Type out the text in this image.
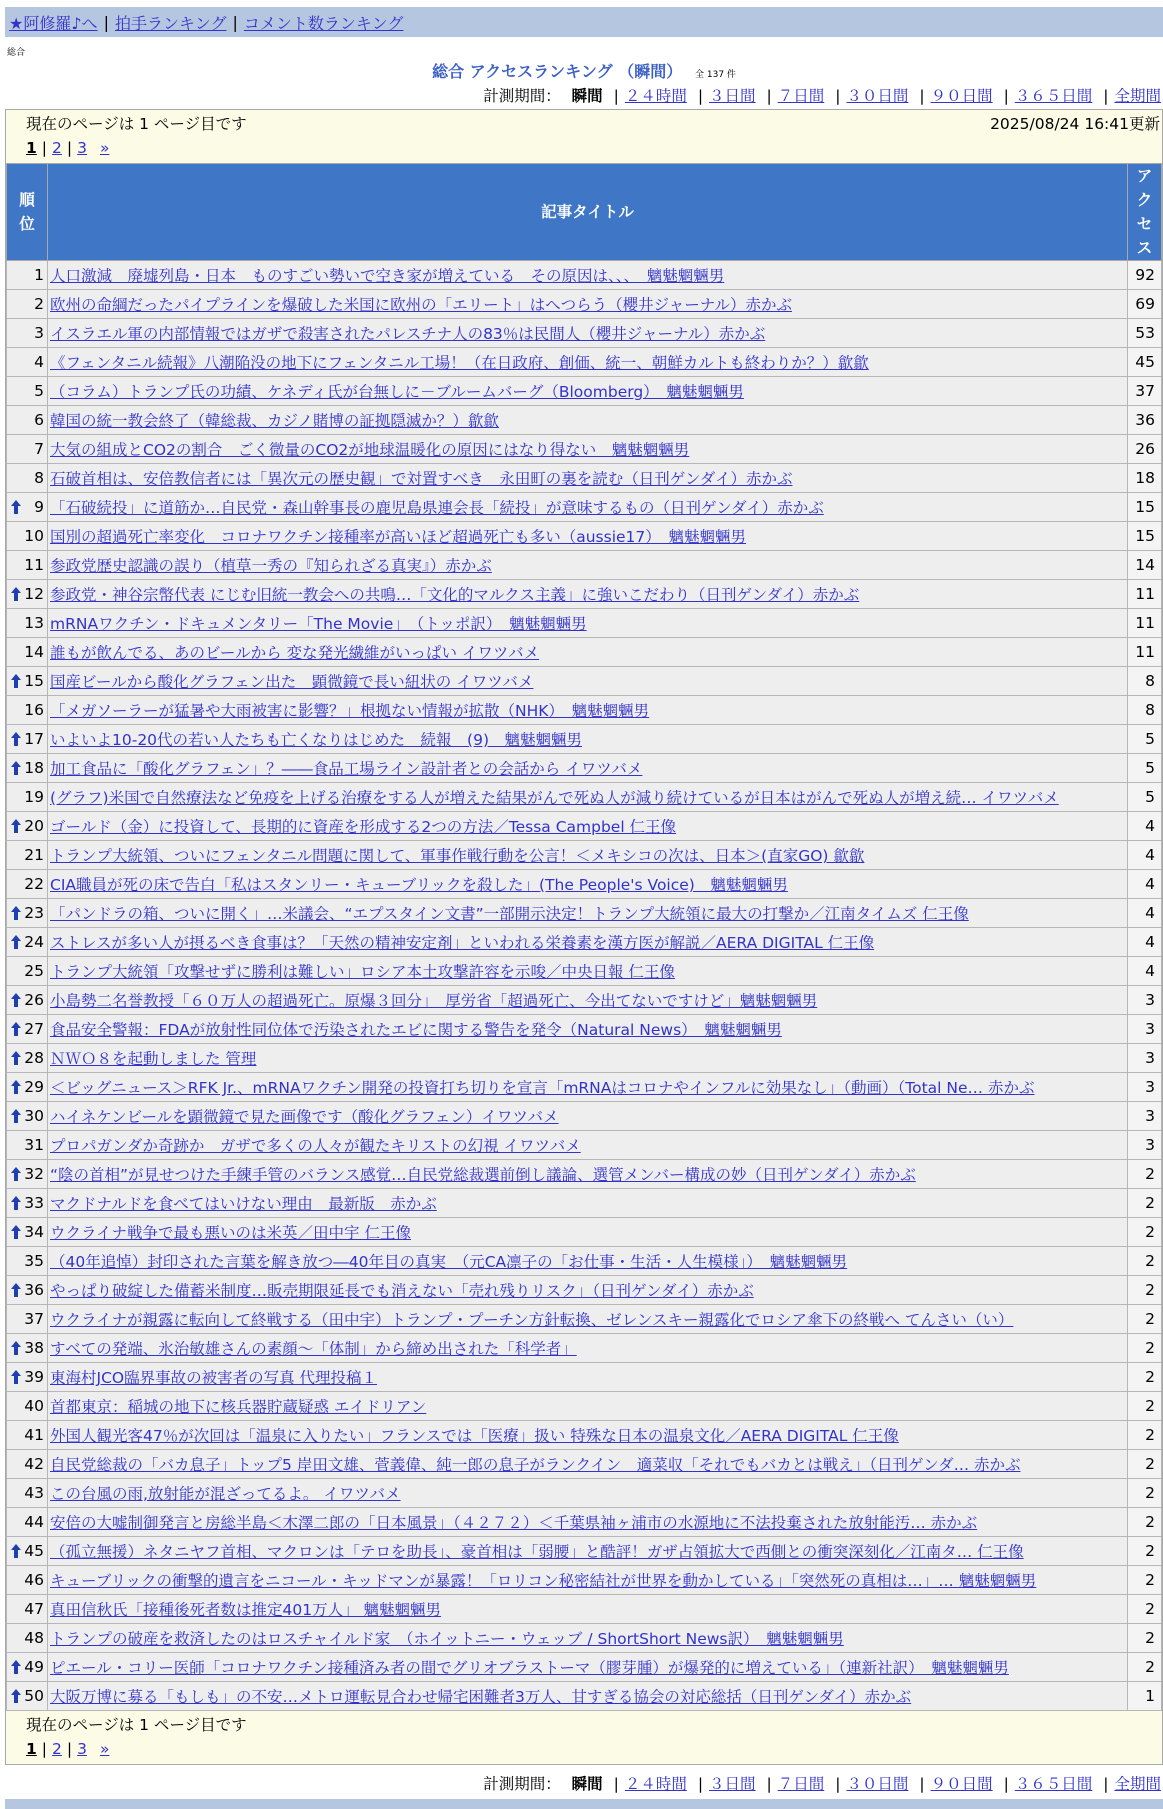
★阿修羅♪へ | 拍手ランキング | コメント数ランキング
総合
総合 アクセスランキング （瞬間） 全 137 件
計測期間： 瞬間 | ２４時間 | ３日間 | ７日間 | ３０日間 | ９０日間 | ３６５日間 | 全期間
現在のページは 1 ページ目です	2025/08/24 16:41更新
1 | 2 | 3 »
順位	記事タイトル	アクセス
1	人口激減　廃墟列島・日本　ものすごい勢いで空き家が増えている　その原因は、、、　魑魅魍魎男	92
2	欧州の命綱だったパイプラインを爆破した米国に欧州の「エリート」はへつらう（櫻井ジャーナル）赤かぶ	69
3	イスラエル軍の内部情報ではガザで殺害されたパレスチナ人の83％は民間人（櫻井ジャーナル）赤かぶ	53
4	《フェンタニル続報》八潮陥没の地下にフェンタニル工場！（在日政府、創価、統一、朝鮮カルトも終わりか？）歙歙	45
5	（コラム）トランプ氏の功績、ケネディ氏が台無しに－ブルームバーグ（Bloomberg）　魑魅魍魎男	37
6	韓国の統一教会終了（韓総裁、カジノ賭博の証拠隠滅か？）歙歙	36
7	大気の組成とCO2の割合　ごく微量のCO2が地球温暖化の原因にはなり得ない　魑魅魍魎男	26
8	石破首相は、安倍教信者には「異次元の歴史観」で対置すべき　永田町の裏を読む（日刊ゲンダイ）赤かぶ	18

9	「石破続投」に道筋か…自民党・森山幹事長の鹿児島県連会長「続投」が意味するもの（日刊ゲンダイ）赤かぶ	15
10	国別の超過死亡率変化　コロナワクチン接種率が高いほど超過死亡も多い（aussie17）　魑魅魍魎男	15
11	参政党歴史認識の誤り（植草一秀の『知られざる真実』）赤かぶ	14

12	参政党・神谷宗幣代表 にじむ旧統一教会への共鳴…「文化的マルクス主義」に強いこだわり（日刊ゲンダイ）赤かぶ	11
13	mRNAワクチン・ドキュメンタリー「The Movie」　（トッポ訳）　魑魅魍魎男	11
14	誰もが飲んでる、あのビールから 変な発光繊維がいっぱい イワツバメ	11

15	国産ビールから酸化グラフェン出た　顕微鏡で長い紐状の イワツバメ	8
16	「メガソーラーが猛暑や大雨被害に影響？」根拠ない情報が拡散（NHK）　魑魅魍魎男	8

17	いよいよ10-20代の若い人たちも亡くなりはじめた　続報　(9)　魑魅魍魎男	5

18	加工食品に「酸化グラフェン」？――食品工場ライン設計者との会話から イワツバメ	5
19	(グラフ)米国で自然療法など免疫を上げる治療をする人が増えた結果がんで死ぬ人が減り続けているが日本はがんで死ぬ人が増え続… イワツバメ	5

20	ゴールド（金）に投資して、長期的に資産を形成する2つの方法／Tessa Campbel 仁王像	4
21	トランプ大統領、ついにフェンタニル問題に関して、軍事作戦行動を公言！＜メキシコの次は、日本＞(直家GO) 歙歙	4
22	CIA職員が死の床で告白「私はスタンリー・キューブリックを殺した」(The People's Voice)　魑魅魍魎男	4

23	「パンドラの箱、ついに開く」…米議会、“エプスタイン文書”一部開示決定！トランプ大統領に最大の打撃か／江南タイムズ 仁王像	4

24	ストレスが多い人が摂るべき食事は？「天然の精神安定剤」といわれる栄養素を漢方医が解説／AERA DIGITAL 仁王像	4
25	トランプ大統領「攻撃せずに勝利は難しい」ロシア本土攻撃許容を示唆／中央日報 仁王像	4

26	小島勢二名誉教授「６０万人の超過死亡。原爆３回分」　厚労省「超過死亡、今出てないですけど」魑魅魍魎男	3

27	食品安全警報：FDAが放射性同位体で汚染されたエビに関する警告を発令（Natural News）　魑魅魍魎男	3

28	ＮＷＯ８を起動しました 管理	3

29	＜ビッグニュース＞RFK Jr.、mRNAワクチン開発の投資打ち切りを宣言「mRNAはコロナやインフルに効果なし」（動画）（Total Ne… 赤かぶ	3

30	ハイネケンビールを顕微鏡で見た画像です（酸化グラフェン）イワツバメ	3
31	プロパガンダか奇跡か　ガザで多くの人々が観たキリストの幻視 イワツバメ	3

32	“陰の首相”が見せつけた手練手管のバランス感覚…自民党総裁選前倒し議論、選管メンバー構成の妙（日刊ゲンダイ）赤かぶ	2

33	マクドナルドを食べてはいけない理由　最新版　赤かぶ	2

34	ウクライナ戦争で最も悪いのは米英／田中宇 仁王像	2
35	（40年追悼）封印された言葉を解き放つ―40年目の真実　（元CA凛子の「お仕事・生活・人生模様」）　魑魅魍魎男	2

36	やっぱり破綻した備蓄米制度…販売期限延長でも消えない「売れ残りリスク」（日刊ゲンダイ）赤かぶ	2
37	ウクライナが親露に転向して終戦する（田中宇）トランプ・プーチン方針転換、ゼレンスキー親露化でロシア傘下の終戦へ てんさい（い）	2

38	すべての発端、氷治敏雄さんの素顔～「体制」から締め出された「科学者」	2

39	東海村JCO臨界事故の被害者の写真 代理投稿１	2
40	首都東京：稲城の地下に核兵器貯蔵疑惑 エイドリアン	2
41	外国人観光客47％が次回は「温泉に入りたい」フランスでは「医療」扱い 特殊な日本の温泉文化／AERA DIGITAL 仁王像	2
42	自民党総裁の「バカ息子」トップ5 岸田文雄、菅義偉、純一郎の息子がランクイン　適菜収「それでもバカとは戦え」（日刊ゲンダ… 赤かぶ	2
43	この台風の雨,放射能が混ざってるよ。 イワツバメ	2
44	安倍の大嘘制御発言と房総半島＜木澤二郎の「日本風景」（４２７２）＜千葉県袖ヶ浦市の水源地に不法投棄された放射能汚… 赤かぶ	2

45	（孤立無援）ネタニヤフ首相、マクロンは「テロを助長」、豪首相は「弱腰」と酷評！ガザ占領拡大で西側との衝突深刻化／江南タ… 仁王像	2
46	キューブリックの衝撃的遺言をニコール・キッドマンが暴露！「ロリコン秘密結社が世界を動かしている」「突然死の真相は…」… 魑魅魍魎男	2
47	真田信秋氏「接種後死者数は推定401万人」 魑魅魍魎男	2
48	トランプの破産を救済したのはロスチャイルド家　（ホイットニー・ウェッブ / ShortShort News訳）　魑魅魍魎男	2

49	ピエール・コリー医師「コロナワクチン接種済み者の間でグリオブラストーマ（膠芽腫）が爆発的に増えている」（連新社訳）　魑魅魍魎男	2

50	大阪万博に募る「もしも」の不安…メトロ運転見合わせ帰宅困難者3万人、甘すぎる協会の対応総括（日刊ゲンダイ）赤かぶ	1
現在のページは 1 ページ目です
1 | 2 | 3 »
計測期間： 瞬間 | ２４時間 | ３日間 | ７日間 | ３０日間 | ９０日間 | ３６５日間 | 全期間
